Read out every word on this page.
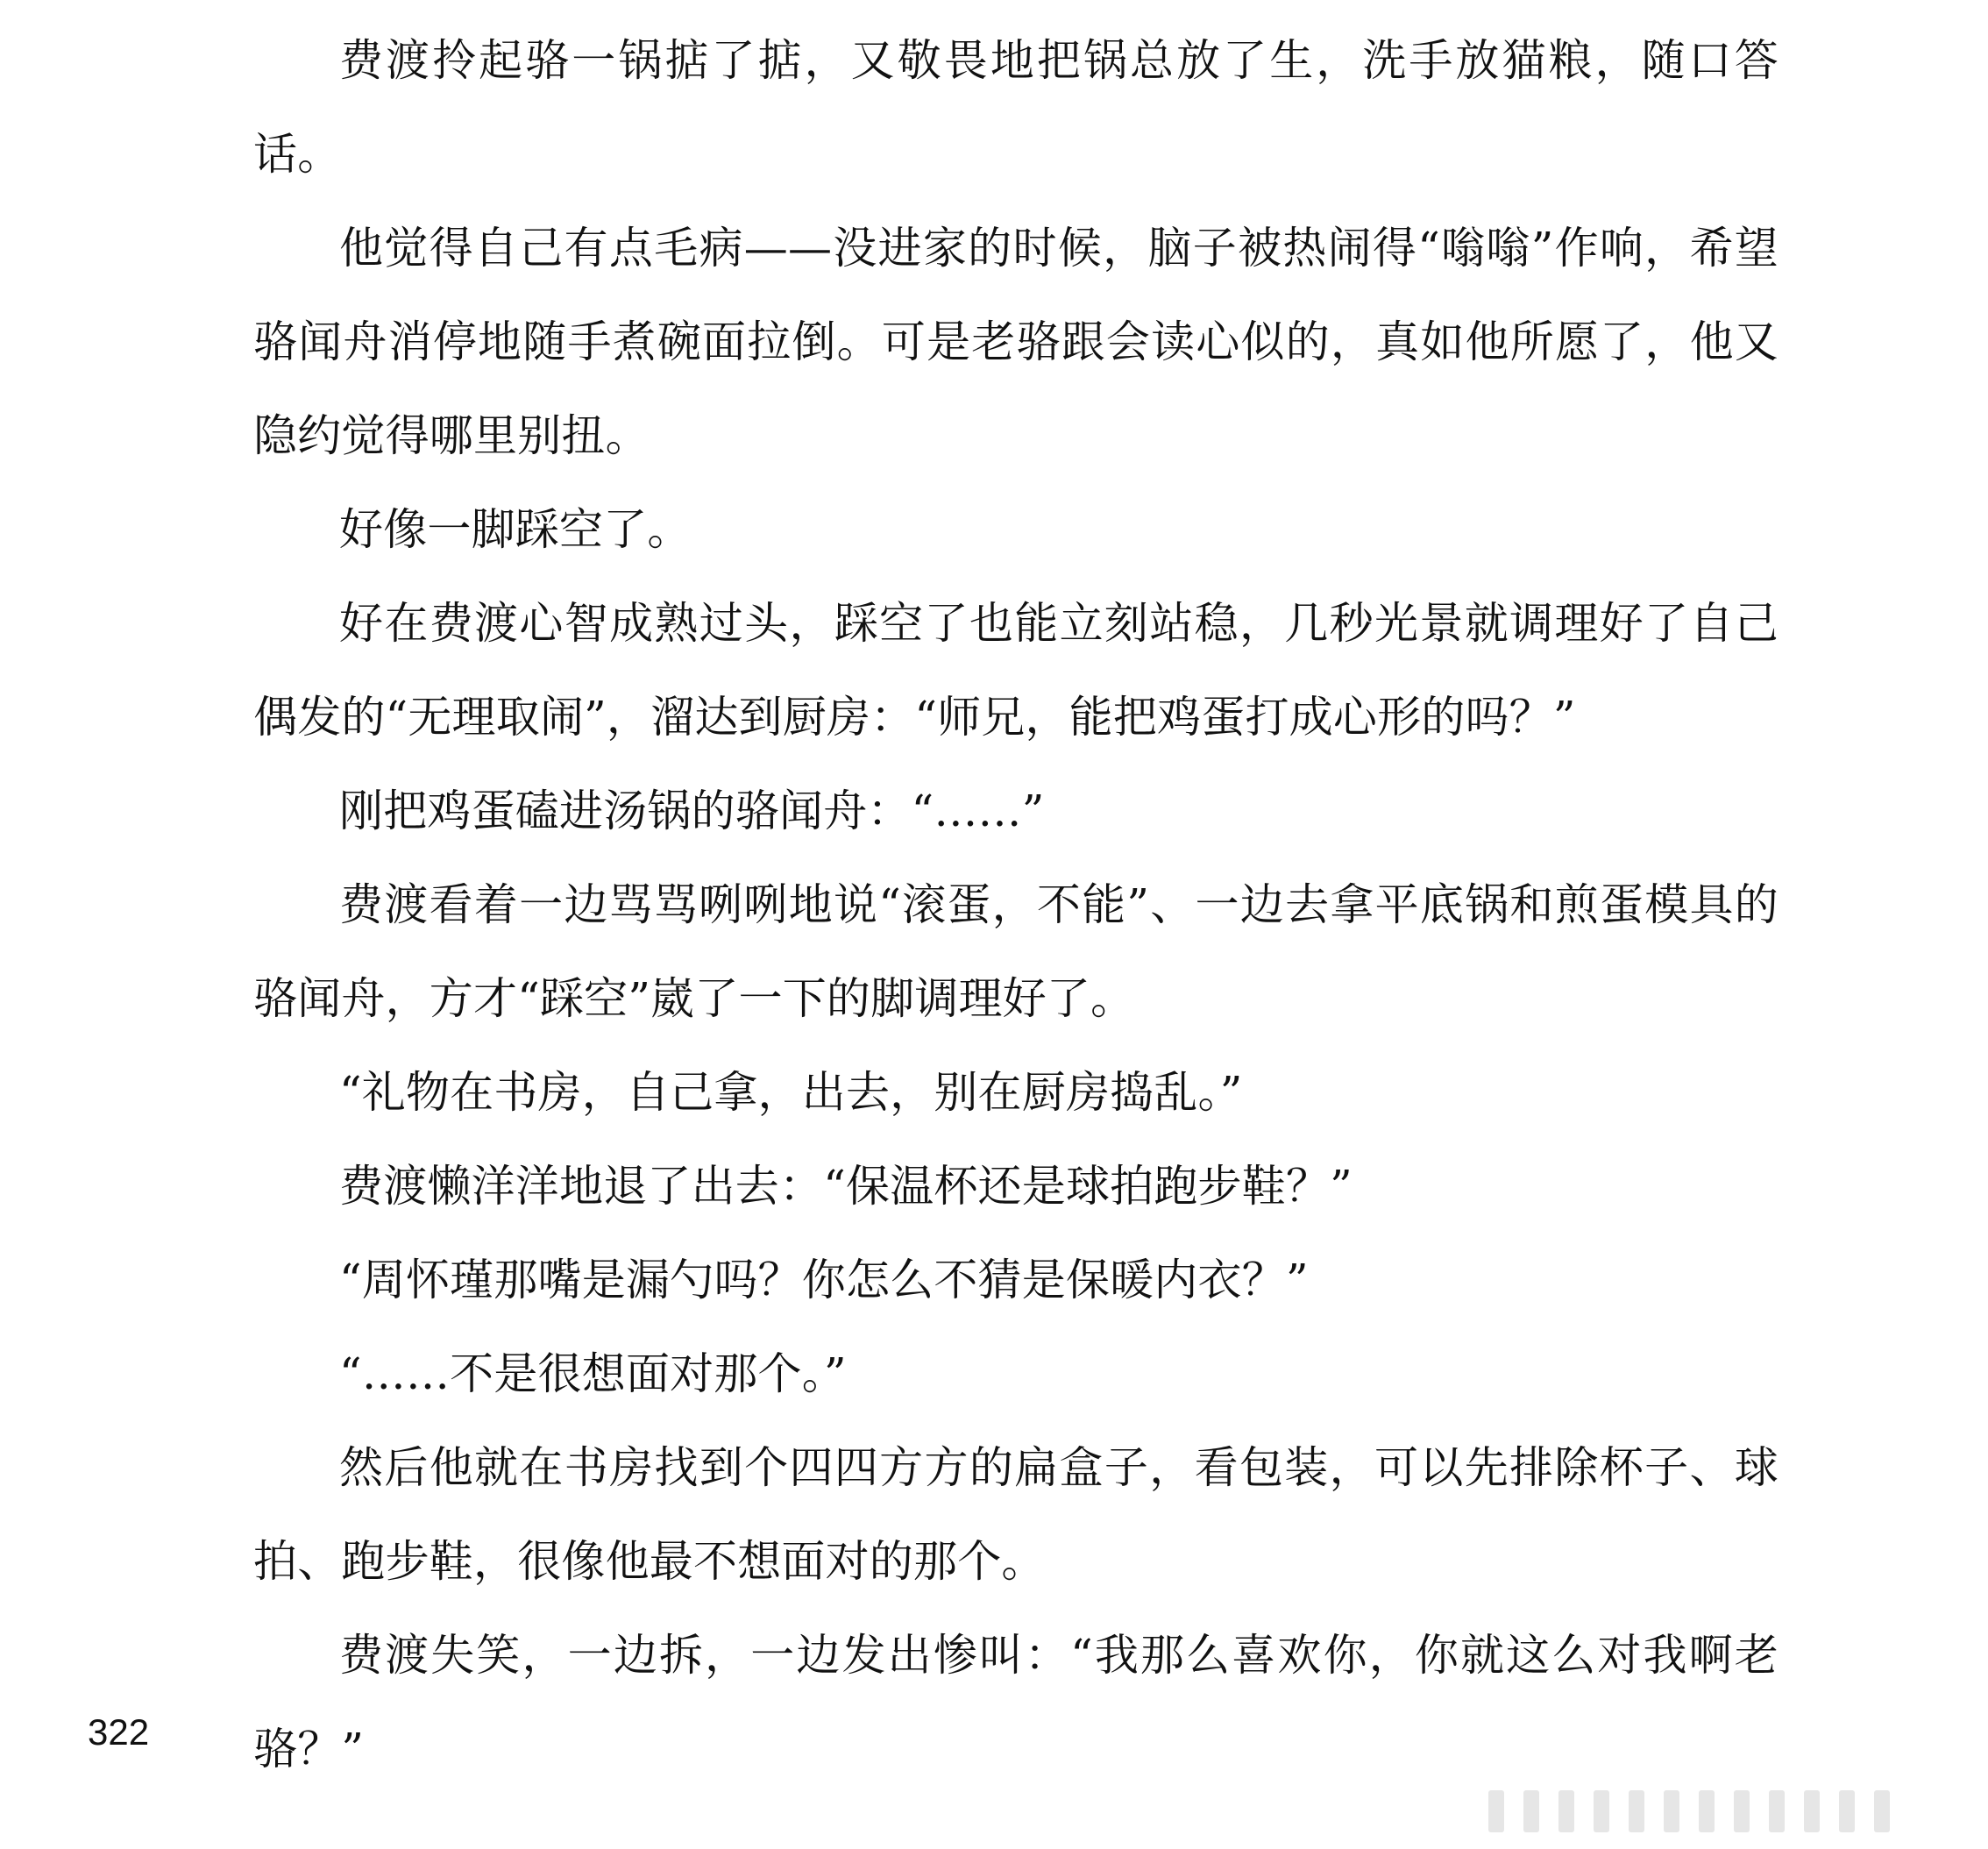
费渡拎起骆一锅掂了掂，又敬畏地把锅总放了生，洗手放猫粮，随口答话。

他觉得自己有点毛病——没进家的时候，脑子被热闹得“嗡嗡”作响，希望骆闻舟消停地随手煮碗面拉倒。可是老骆跟会读心似的，真如他所愿了，他又隐约觉得哪里别扭。

好像一脚踩空了。

好在费渡心智成熟过头，踩空了也能立刻站稳，几秒光景就调理好了自己偶发的“无理取闹”，溜达到厨房：“师兄，能把鸡蛋打成心形的吗？”

刚把鸡蛋磕进汤锅的骆闻舟：“……”

费渡看着一边骂骂咧咧地说“滚蛋，不能”、一边去拿平底锅和煎蛋模具的骆闻舟，方才“踩空”崴了一下的脚调理好了。

“礼物在书房，自己拿，出去，别在厨房捣乱。”

费渡懒洋洋地退了出去：“保温杯还是球拍跑步鞋？”

“周怀瑾那嘴是漏勺吗？你怎么不猜是保暖内衣？”

“……不是很想面对那个。”

然后他就在书房找到个四四方方的扁盒子，看包装，可以先排除杯子、球拍、跑步鞋，很像他最不想面对的那个。

费渡失笑，一边拆，一边发出惨叫：“我那么喜欢你，你就这么对我啊老骆？”

322
